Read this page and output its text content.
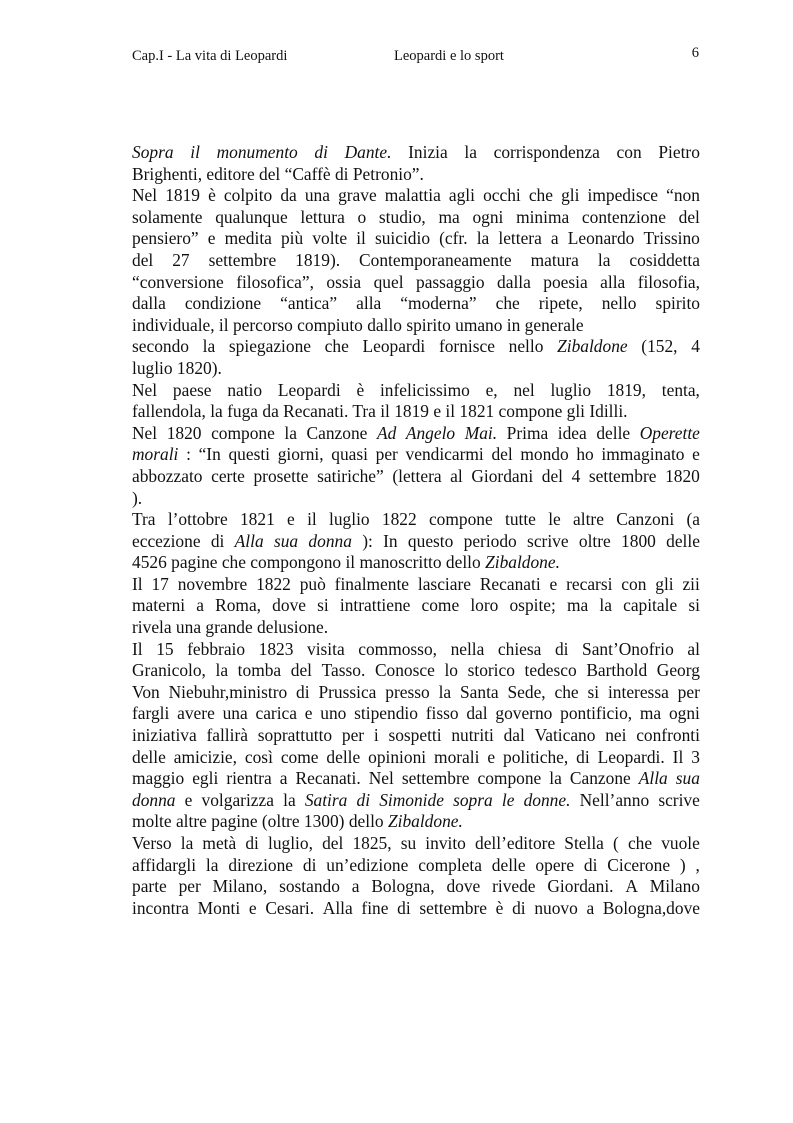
Cap.I - La vita di Leopardi	Leopardi e lo sport	6
Sopra il monumento di Dante. Inizia la corrispondenza con Pietro
Brighenti, editore del “Caffè di Petronio”.
Nel 1819 è colpito da una grave malattia agli occhi che gli impedisce “non
solamente qualunque lettura o studio, ma ogni minima contenzione del
pensiero” e medita più volte il suicidio (cfr. la lettera a Leonardo Trissino
del 27 settembre 1819). Contemporaneamente matura la cosiddetta
“conversione filosofica”, ossia quel passaggio dalla poesia alla filosofia,
dalla condizione “antica” alla “moderna” che ripete, nello spirito
individuale, il percorso compiuto dallo spirito umano in generale
secondo la spiegazione che Leopardi fornisce nello Zibaldone (152, 4
luglio 1820).
Nel paese natio Leopardi è infelicissimo e, nel luglio 1819, tenta,
fallendola, la fuga da Recanati. Tra il 1819 e il 1821 compone gli Idilli.
Nel 1820 compone la Canzone Ad Angelo Mai. Prima idea delle Operette
morali : “In questi giorni, quasi per vendicarmi del mondo ho immaginato e
abbozzato certe prosette satiriche” (lettera al Giordani del 4 settembre 1820
).
Tra l’ottobre 1821 e il luglio 1822 compone tutte le altre Canzoni (a
eccezione di Alla sua donna ): In questo periodo scrive oltre 1800 delle
4526 pagine che compongono il manoscritto dello Zibaldone.
Il 17 novembre 1822 può finalmente lasciare Recanati e recarsi con gli zii
materni a Roma, dove si intrattiene come loro ospite; ma la capitale si
rivela una grande delusione.
Il 15 febbraio 1823 visita commosso, nella chiesa di Sant’Onofrio al
Granicolo, la tomba del Tasso. Conosce lo storico tedesco Barthold Georg
Von Niebuhr,ministro di Prussica presso la Santa Sede, che si interessa per
fargli avere una carica e uno stipendio fisso dal governo pontificio, ma ogni
iniziativa fallirà soprattutto per i sospetti nutriti dal Vaticano nei confronti
delle amicizie, così come delle opinioni morali e politiche, di Leopardi. Il 3
maggio egli rientra a Recanati. Nel settembre compone la Canzone Alla sua
donna e volgarizza la Satira di Simonide sopra le donne. Nell’anno scrive
molte altre pagine (oltre 1300) dello Zibaldone.
Verso la metà di luglio, del 1825, su invito dell’editore Stella ( che vuole
affidargli la direzione di un’edizione completa delle opere di Cicerone ) ,
parte per Milano, sostando a Bologna, dove rivede Giordani. A Milano
incontra Monti e Cesari. Alla fine di settembre è di nuovo a Bologna,dove
